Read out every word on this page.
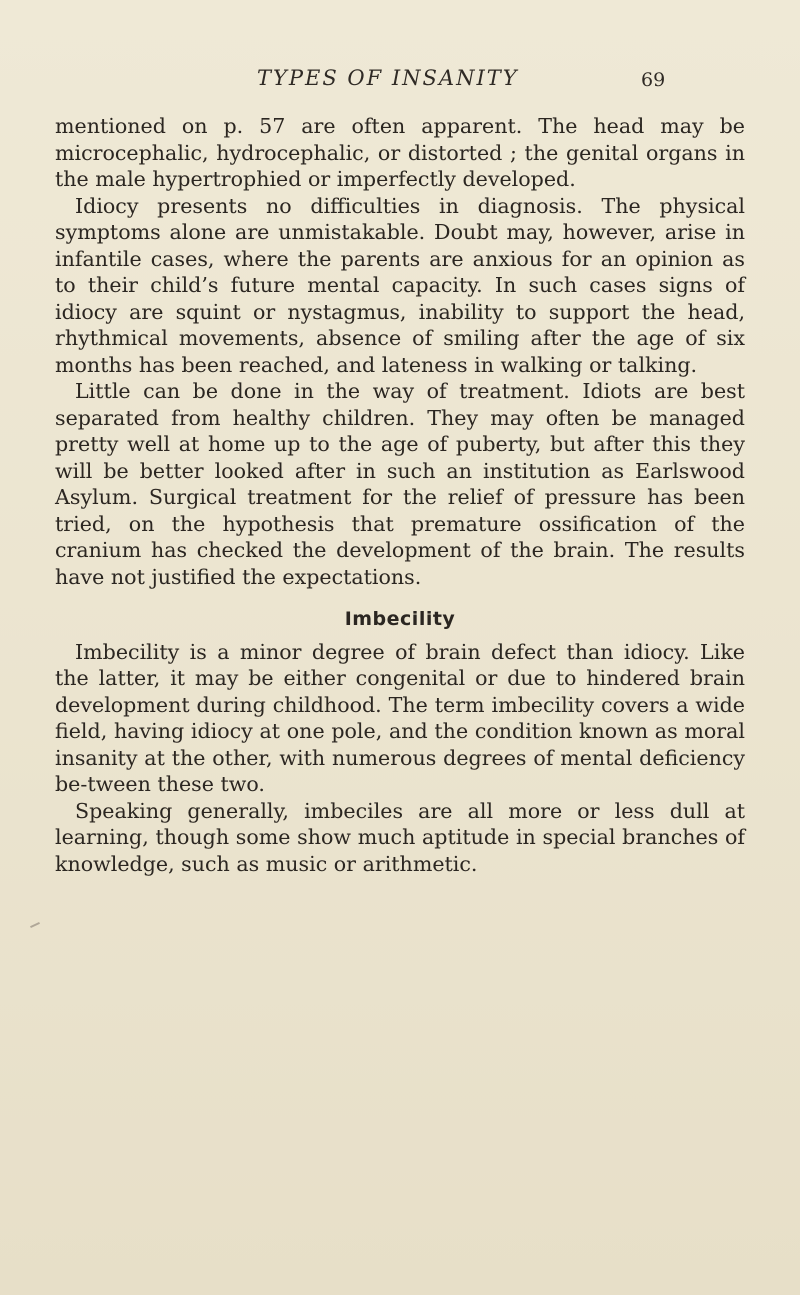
TYPES OF INSANITY	69

mentioned on p. 57 are often apparent. The head may be microcephalic, hydrocephalic, or distorted ; the genital organs in the male hypertrophied or imperfectly developed.

Idiocy presents no difficulties in diagnosis. The physical symptoms alone are unmistakable. Doubt may, however, arise in infantile cases, where the parents are anxious for an opinion as to their child’s future mental capacity. In such cases signs of idiocy are squint or nystagmus, inability to support the head, rhythmical movements, absence of smiling after the age of six months has been reached, and lateness in walking or talking.

Little can be done in the way of treatment. Idiots are best separated from healthy children. They may often be managed pretty well at home up to the age of puberty, but after this they will be better looked after in such an institution as Earlswood Asylum. Surgical treatment for the relief of pressure has been tried, on the hypothesis that premature ossification of the cranium has checked the development of the brain. The results have not justified the expectations.

Imbecility

Imbecility is a minor degree of brain defect than idiocy. Like the latter, it may be either congenital or due to hindered brain development during childhood. The term imbecility covers a wide field, having idiocy at one pole, and the condition known as moral insanity at the other, with numerous degrees of mental deficiency be-tween these two.

Speaking generally, imbeciles are all more or less dull at learning, though some show much aptitude in special branches of knowledge, such as music or arithmetic.
